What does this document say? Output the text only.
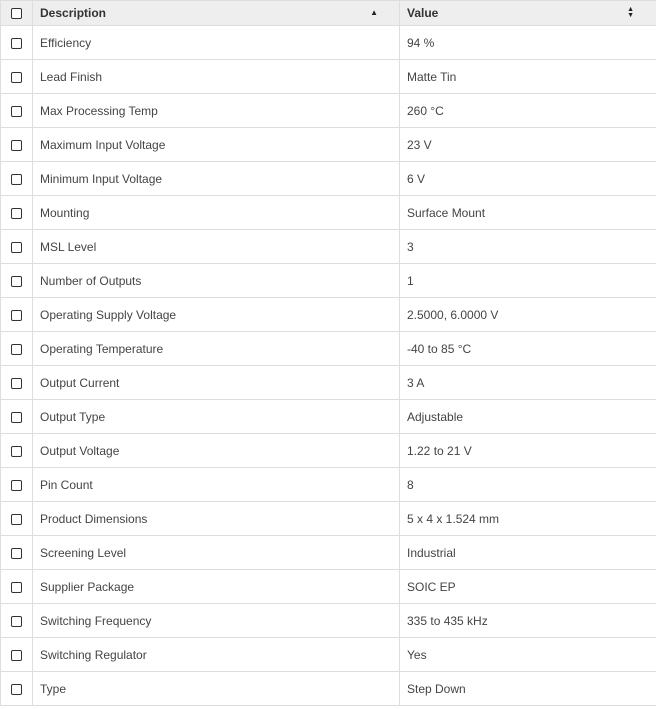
	Description ▲	Value ▲
▼

	Efficiency	94 %
	Lead Finish	Matte Tin
	Max Processing Temp	260 °C
	Maximum Input Voltage	23 V
	Minimum Input Voltage	6 V
	Mounting	Surface Mount
	MSL Level	3
	Number of Outputs	1
	Operating Supply Voltage	2.5000, 6.0000 V
	Operating Temperature	-40 to 85 °C
	Output Current	3 A
	Output Type	Adjustable
	Output Voltage	1.22 to 21 V
	Pin Count	8
	Product Dimensions	5 x 4 x 1.524 mm
	Screening Level	Industrial
	Supplier Package	SOIC EP
	Switching Frequency	335 to 435 kHz
	Switching Regulator	Yes
	Type	Step Down
